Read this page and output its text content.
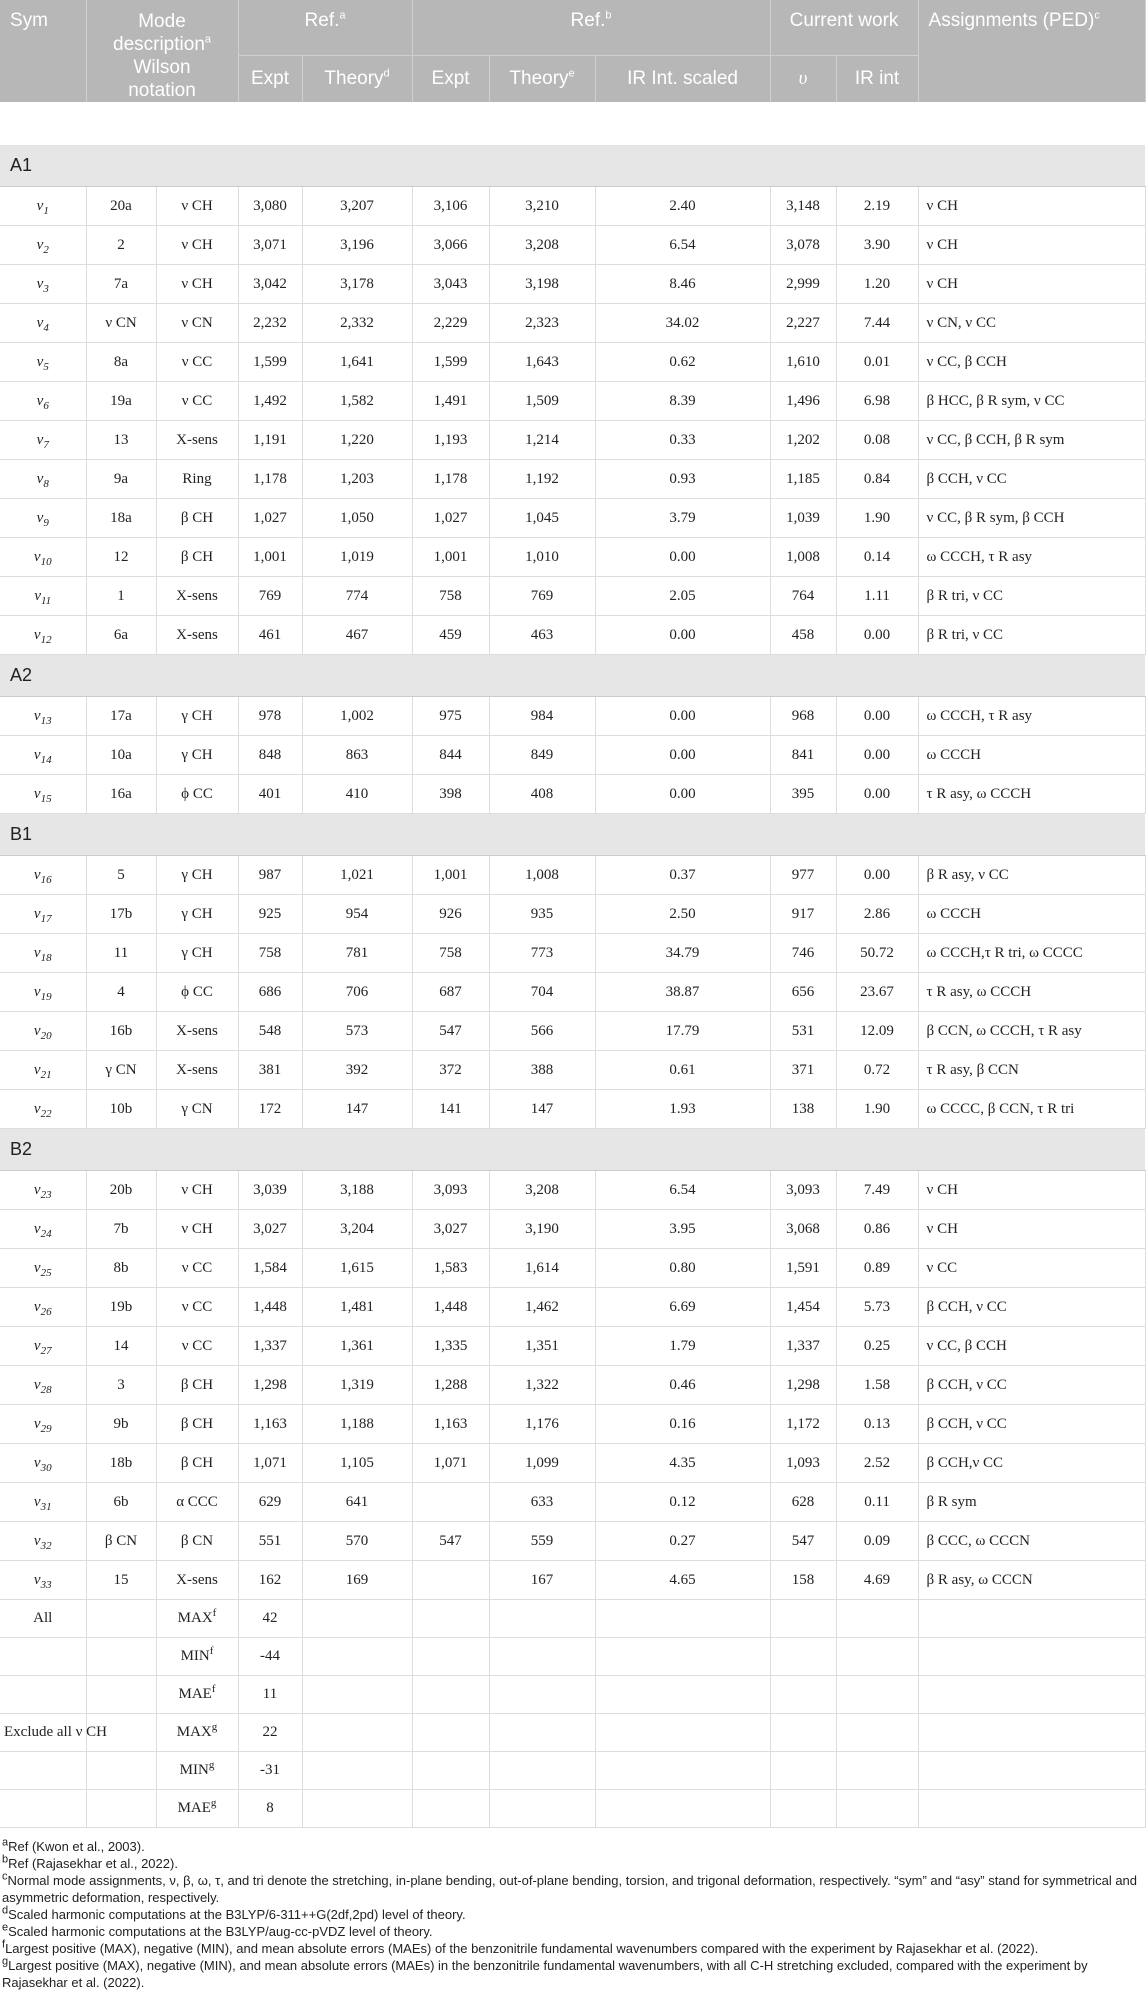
Sym	Mode
description$^a$
Wilson
notation		Ref.$^a$		Ref.$^b$			Current work		Assignments (PED)$^c$
			Expt	Theory$^d$	Expt	Theory$^e$	IR Int. scaled	υ	IR int	

A1										
$\nu_1$	20a	ν CH	3,080	3,207	3,106	3,210	2.40	3,148	2.19	ν CH
$\nu_2$	2	ν CH	3,071	3,196	3,066	3,208	6.54	3,078	3.90	ν CH
$\nu_3$	7a	ν CH	3,042	3,178	3,043	3,198	8.46	2,999	1.20	ν CH
$\nu_4$	ν CN	ν CN	2,232	2,332	2,229	2,323	34.02	2,227	7.44	ν CN, ν CC
$\nu_5$	8a	ν CC	1,599	1,641	1,599	1,643	0.62	1,610	0.01	ν CC, β CCH
$\nu_6$	19a	ν CC	1,492	1,582	1,491	1,509	8.39	1,496	6.98	β HCC, β R sym, ν CC
$\nu_7$	13	X-sens	1,191	1,220	1,193	1,214	0.33	1,202	0.08	ν CC, β CCH, β R sym
$\nu_8$	9a	Ring	1,178	1,203	1,178	1,192	0.93	1,185	0.84	β CCH, ν CC
$\nu_9$	18a	β CH	1,027	1,050	1,027	1,045	3.79	1,039	1.90	ν CC, β R sym, β CCH
$\nu_{10}$	12	β CH	1,001	1,019	1,001	1,010	0.00	1,008	0.14	ω CCCH, τ R asy
$\nu_{11}$	1	X-sens	769	774	758	769	2.05	764	1.11	β R tri, ν CC
$\nu_{12}$	6a	X-sens	461	467	459	463	0.00	458	0.00	β R tri, ν CC
A2										
$\nu_{13}$	17a	γ CH	978	1,002	975	984	0.00	968	0.00	ω CCCH, τ R asy
$\nu_{14}$	10a	γ CH	848	863	844	849	0.00	841	0.00	ω CCCH
$\nu_{15}$	16a	ϕ CC	401	410	398	408	0.00	395	0.00	τ R asy, ω CCCH
B1										
$\nu_{16}$	5	γ CH	987	1,021	1,001	1,008	0.37	977	0.00	β R asy, ν CC
$\nu_{17}$	17b	γ CH	925	954	926	935	2.50	917	2.86	ω CCCH
$\nu_{18}$	11	γ CH	758	781	758	773	34.79	746	50.72	ω CCCH,τ R tri, ω CCCC
$\nu_{19}$	4	ϕ CC	686	706	687	704	38.87	656	23.67	τ R asy, ω CCCH
$\nu_{20}$	16b	X-sens	548	573	547	566	17.79	531	12.09	β CCN, ω CCCH, τ R asy
$\nu_{21}$	γ CN	X-sens	381	392	372	388	0.61	371	0.72	τ R asy, β CCN
$\nu_{22}$	10b	γ CN	172	147	141	147	1.93	138	1.90	ω CCCC, β CCN, τ R tri
B2										
$\nu_{23}$	20b	ν CH	3,039	3,188	3,093	3,208	6.54	3,093	7.49	ν CH
$\nu_{24}$	7b	ν CH	3,027	3,204	3,027	3,190	3.95	3,068	0.86	ν CH
$\nu_{25}$	8b	ν CC	1,584	1,615	1,583	1,614	0.80	1,591	0.89	ν CC
$\nu_{26}$	19b	ν CC	1,448	1,481	1,448	1,462	6.69	1,454	5.73	β CCH, ν CC
$\nu_{27}$	14	ν CC	1,337	1,361	1,335	1,351	1.79	1,337	0.25	ν CC, β CCH
$\nu_{28}$	3	β CH	1,298	1,319	1,288	1,322	0.46	1,298	1.58	β CCH, ν CC
$\nu_{29}$	9b	β CH	1,163	1,188	1,163	1,176	0.16	1,172	0.13	β CCH, ν CC
$\nu_{30}$	18b	β CH	1,071	1,105	1,071	1,099	4.35	1,093	2.52	β CCH,ν CC
$\nu_{31}$	6b	α CCC	629	641		633	0.12	628	0.11	β R sym
$\nu_{32}$	β CN	β CN	551	570	547	559	0.27	547	0.09	β CCC, ω CCCN
$\nu_{33}$	15	X-sens	162	169		167	4.65	158	4.69	β R asy, ω CCCN
All		MAX$^f$	42							
		MIN$^f$	-44							
		MAE$^f$	11							
Exclude all ν CH		MAX$^g$	22							
		MIN$^g$	-31							
		MAE$^g$	8							

$^a$Ref (Kwon et al., 2003).

$^b$Ref (Rajasekhar et al., 2022).

$^c$Normal mode assignments, ν, β, ω, τ, and tri denote the stretching, in-plane bending, out-of-plane bending, torsion, and trigonal deformation, respectively. “sym” and “asy” stand for symmetrical and asymmetric deformation, respectively.

$^d$Scaled harmonic computations at the B3LYP/6-311++G(2df,2pd) level of theory.

$^e$Scaled harmonic computations at the B3LYP/aug-cc-pVDZ level of theory.

$^f$Largest positive (MAX), negative (MIN), and mean absolute errors (MAEs) of the benzonitrile fundamental wavenumbers compared with the experiment by Rajasekhar et al. (2022).

$^g$Largest positive (MAX), negative (MIN), and mean absolute errors (MAEs) in the benzonitrile fundamental wavenumbers, with all C-H stretching excluded, compared with the experiment by Rajasekhar et al. (2022).
